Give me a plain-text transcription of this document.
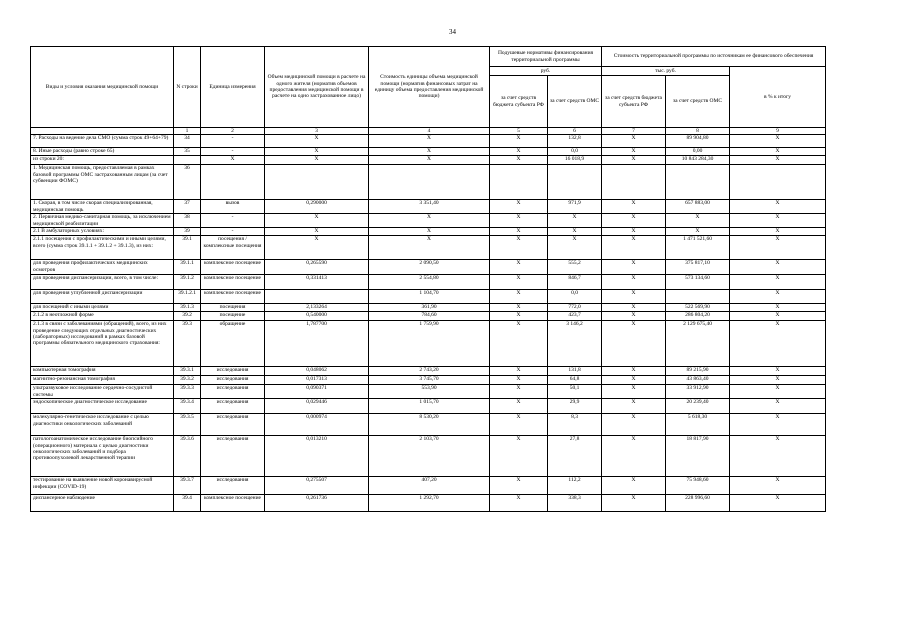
34
Виды и условия оказания медицинской помощи	N строки	Единица измерения	Объем медицинской помощи в расчете на одного жителя (норматив объемов предоставления медицинской помощи в расчете на одно застрахованное лицо)	Стоимость единицы объема медицинской помощи (норматив финансовых затрат на единицу объема предоставления медицинской помощи)	Подушевые нормативы финансирования территориальной программы		Стоимость территориальной программы по источникам ее финансового обеспечения		
					руб.		тыс. руб.		в % к итогу
					за счет средств бюджета субъекта РФ	за счет средств ОМС	за счет средств бюджета субъекта РФ	за счет средств ОМС	
	1	2	3	4	5	6	7	8	9
7. Расходы на ведение дела СМО (сумма строк 49+64+79)	34	-	X	X	X	132,8	X	89 904,80	X
8. Иные расходы (равно строке 65)	35	-	X	X	X	0,0	X	0,00	X
из строки 20:		X	X	X	X	16 018,9	X	10 843 284,30	X
1. Медицинская помощь, предоставляемая в рамках базовой программы ОМС застрахованным лицам (за счет субвенции ФОМС)	36								
1. Скорая, в том числе скорая специализированная, медицинская помощь	37	вызов	0,290000	3 351,40	X	971,9	X	657 883,00	X
2. Первичная медико-санитарная помощь, за исключением медицинской реабилитации	38	-	X	X	X	X	X	X	X
2.1 В амбулаторных условиях:	39	-	X	X	X	X	X	X	X
2.1.1 посещения с профилактическими и иными целями, всего (сумма строк 39.1.1 + 39.1.2 + 39.1.3), из них:	39.1	посещения / комплексные посещения	X	X	X	X	X	1 471 521,60	X
для проведения профилактических медицинских осмотров	39.1.1	комплексное посещение	0,265590	2 090,50	X	555,2	X	375 817,10	X
для проведения диспансеризации, всего, в том числе:	39.1.2	комплексное посещение	0,331413	2 554,80	X	846,7	X	573 134,60	X
для проведения углубленной диспансеризации	39.1.2.1	комплексное посещение		1 104,70	X	0,0	X		X
для посещений с иными целями	39.1.3	посещения	2,133264	361,90	X	772,0	X	522 569,90	X
2.1.2 в неотложной форме	39.2	посещение	0,540000	784,60	X	423,7	X	286 804,20	X
2.1.3 в связи с заболеваниями (обращений), всего, из них проведение следующих отдельных диагностических (лабораторных) исследований в рамках базовой программы обязательного медицинского страхования:	39.3	обращение	1,787700	1 759,90	X	3 146,2	X	2 129 675,40	X
компьютерная томография	39.3.1	исследования	0,048062	2 743,20	X	131,8	X	89 215,90	X
магнитно-резонансная томография	39.3.2	исследования	0,017313	3 745,70	X	64,8	X	43 863,40	X
ультразвуковое исследование сердечно-сосудистой системы	39.3.3	исследования	0,090371	553,90	X	50,1	X	33 912,90	X
эндоскопическое диагностическое исследование	39.3.4	исследования	0,029446	1 015,70	X	29,9	X	20 239,40	X
молекулярно-генетическое исследование с целью диагностики онкологических заболеваний	39.3.5	исследования	0,000974	8 530,20	X	8,3	X	5 618,30	X
патологоанатомическое исследование биопсийного (операционного) материала с целью диагностики онкологических заболеваний и подбора противоопухолевой лекарственной терапии	39.3.6	исследования	0,013210	2 103,70	X	27,8	X	18 817,90	X
тестирование на выявление новой коронавирусной инфекции (COVID-19)	39.3.7	исследования	0,275507	407,20	X	112,2	X	75 948,60	X
диспансерное наблюдение	39.4	комплексное посещение	0,261736	1 292,70	X	338,3	X	228 996,60	X
